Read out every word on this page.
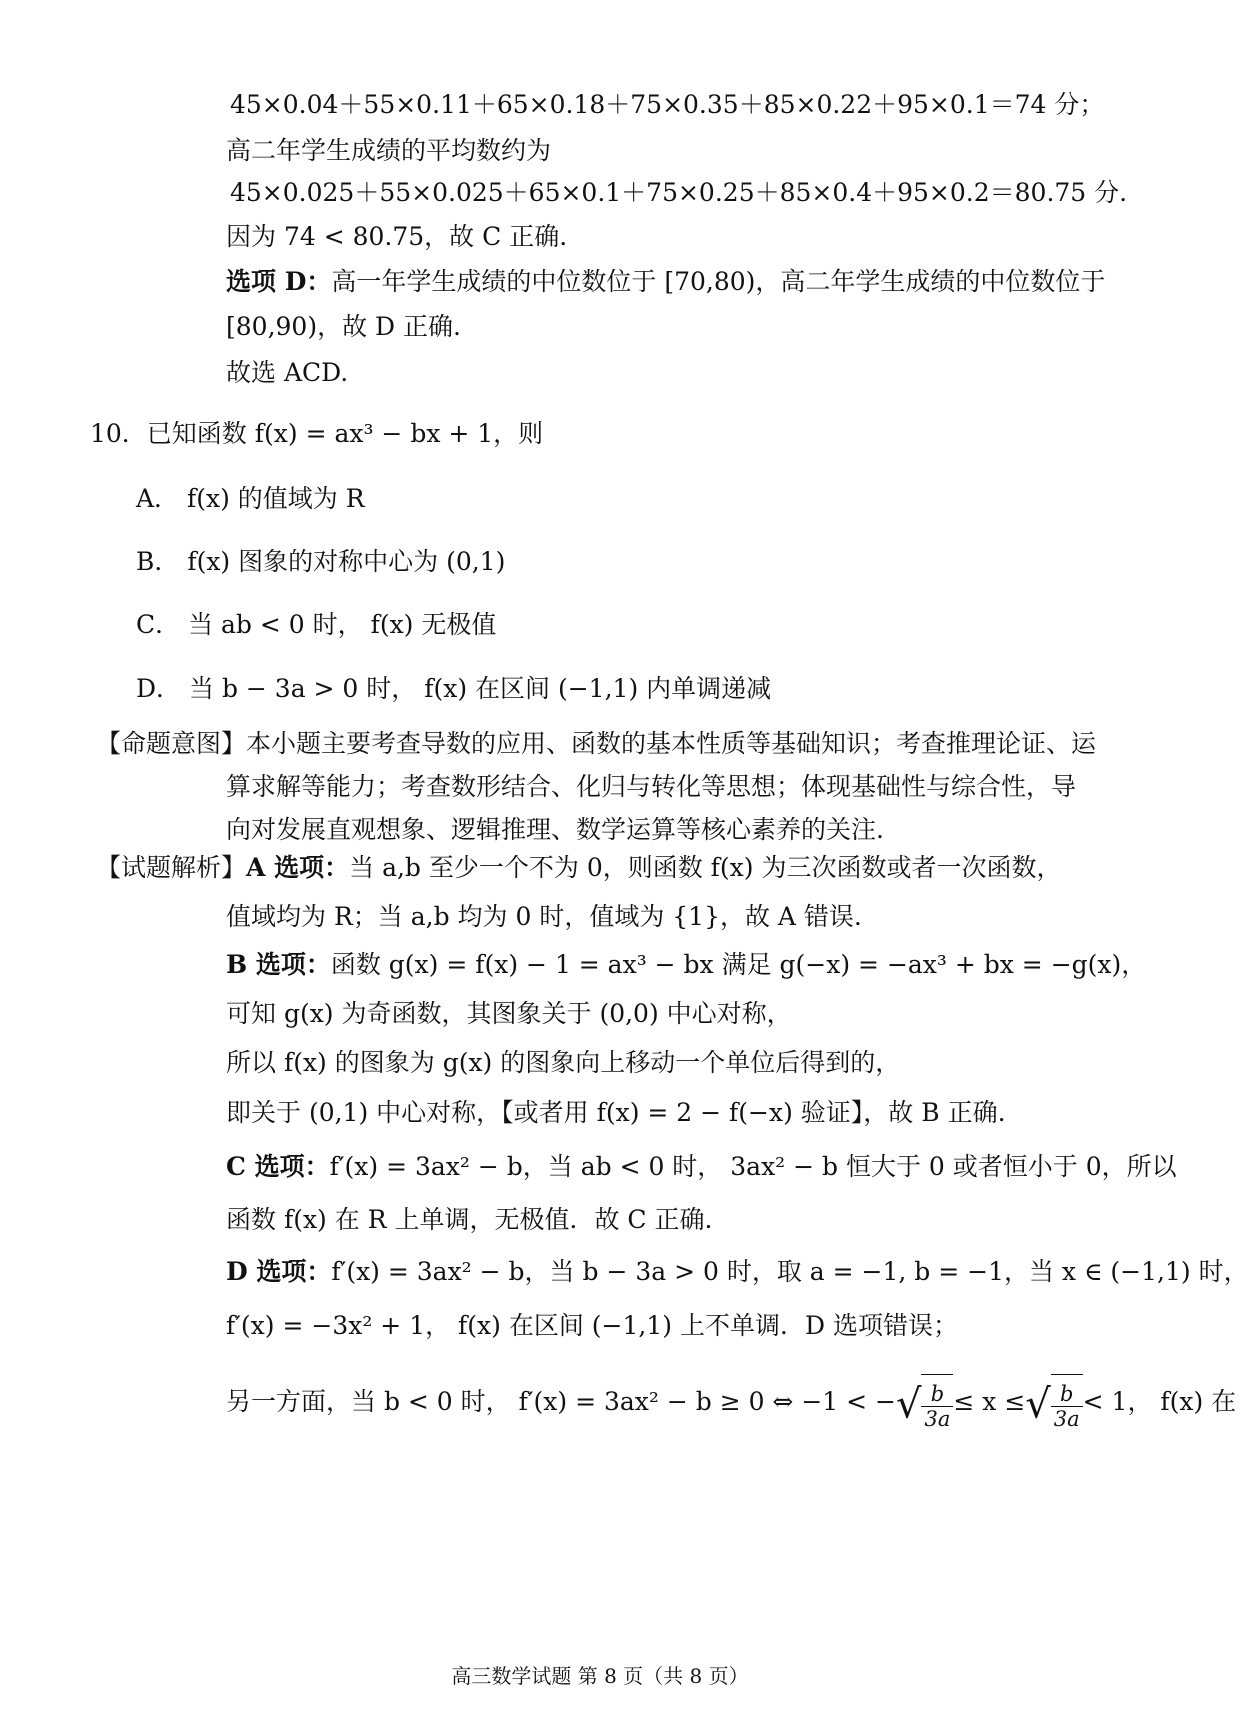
45×0.04＋55×0.11＋65×0.18＋75×0.35＋85×0.22＋95×0.1＝74 分；
高二年学生成绩的平均数约为
45×0.025＋55×0.025＋65×0.1＋75×0.25＋85×0.4＋95×0.2＝80.75 分.
因为 74 < 80.75，故 C 正确.
选项 D：高一年学生成绩的中位数位于 [70,80)，高二年学生成绩的中位数位于
[80,90)，故 D 正确.
故选 ACD.
10．已知函数 f(x) = ax³ − bx + 1，则
A． f(x) 的值域为 R
B． f(x) 图象的对称中心为 (0,1)
C． 当 ab < 0 时， f(x) 无极值
D． 当 b − 3a > 0 时， f(x) 在区间 (−1,1) 内单调递减
【命题意图】本小题主要考查导数的应用、函数的基本性质等基础知识；考查推理论证、运
算求解等能力；考查数形结合、化归与转化等思想；体现基础性与综合性，导
向对发展直观想象、逻辑推理、数学运算等核心素养的关注.
【试题解析】A 选项：当 a,b 至少一个不为 0，则函数 f(x) 为三次函数或者一次函数，
值域均为 R；当 a,b 均为 0 时，值域为 {1}，故 A 错误.
B 选项：函数 g(x) = f(x) − 1 = ax³ − bx 满足 g(−x) = −ax³ + bx = −g(x)，
可知 g(x) 为奇函数，其图象关于 (0,0) 中心对称，
所以 f(x) 的图象为 g(x) 的图象向上移动一个单位后得到的，
即关于 (0,1) 中心对称，【或者用 f(x) = 2 − f(−x) 验证】，故 B 正确.
C 选项：f′(x) = 3ax² − b，当 ab < 0 时， 3ax² − b 恒大于 0 或者恒小于 0，所以
函数 f(x) 在 R 上单调，无极值．故 C 正确.
D 选项：f′(x) = 3ax² − b，当 b − 3a > 0 时，取 a = −1, b = −1，当 x ∈ (−1,1) 时，
f′(x) = −3x² + 1， f(x) 在区间 (−1,1) 上不单调．D 选项错误；
另一方面，当 b < 0 时， f′(x) = 3ax² − b ≥ 0 ⇔ −1 < −√ $\frac{b}{3a} \le x$ ≤√ $\frac{b}{3a} < 1$， f(x) 在
高三数学试题 第 8 页（共 8 页）
